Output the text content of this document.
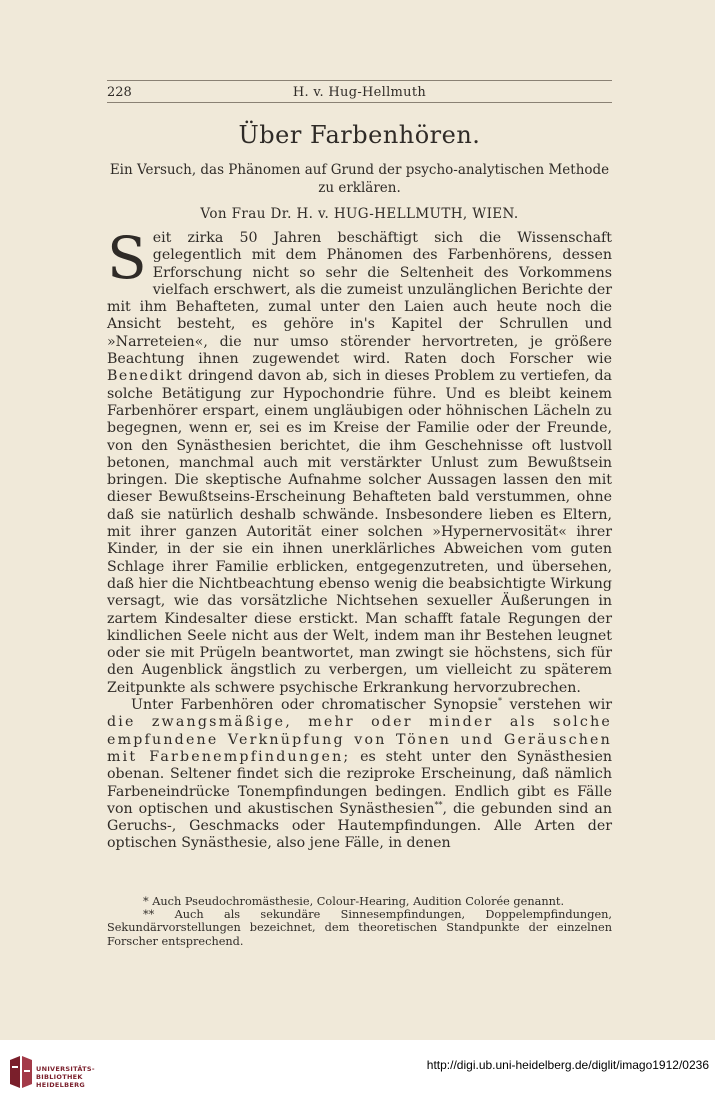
228	H. v. Hug-Hellmuth
Über Farbenhören.
Ein Versuch, das Phänomen auf Grund der psycho-analytischen Methode zu erklären.
Von Frau Dr. H. v. HUG-HELLMUTH, WIEN.

Seit zirka 50 Jahren beschäftigt sich die Wissenschaft gelegentlich mit dem Phänomen des Farbenhörens, dessen Erforschung nicht so sehr die Seltenheit des Vorkommens vielfach erschwert, als die zumeist unzulänglichen Berichte der mit ihm Behafteten, zumal unter den Laien auch heute noch die Ansicht besteht, es gehöre in's Kapitel der Schrullen und »Narreteien«, die nur umso störender hervortreten, je größere Beachtung ihnen zugewendet wird. Raten doch Forscher wie Benedikt dringend davon ab, sich in dieses Problem zu vertiefen, da solche Betätigung zur Hypochondrie führe. Und es bleibt keinem Farbenhörer erspart, einem ungläubigen oder höhnischen Lächeln zu begegnen, wenn er, sei es im Kreise der Familie oder der Freunde, von den Synästhesien berichtet, die ihm Geschehnisse oft lustvoll betonen, manchmal auch mit verstärkter Unlust zum Bewußtsein bringen. Die skeptische Aufnahme solcher Aussagen lassen den mit dieser Bewußtseins-Erscheinung Behafteten bald verstummen, ohne daß sie natürlich deshalb schwände. Insbesondere lieben es Eltern, mit ihrer ganzen Autorität einer solchen »Hypernervosität« ihrer Kinder, in der sie ein ihnen unerklärliches Abweichen vom guten Schlage ihrer Familie erblicken, entgegenzutreten, und übersehen, daß hier die Nichtbeachtung ebenso wenig die beabsichtigte Wirkung versagt, wie das vorsätzliche Nichtsehen sexueller Äußerungen in zartem Kindesalter diese erstickt. Man schafft fatale Regungen der kindlichen Seele nicht aus der Welt, indem man ihr Bestehen leugnet oder sie mit Prügeln beantwortet, man zwingt sie höchstens, sich für den Augenblick ängstlich zu verbergen, um vielleicht zu späterem Zeitpunkte als schwere psychische Erkrankung hervorzubrechen.

Unter Farbenhören oder chromatischer Synopsie* verstehen wir die zwangsmäßige, mehr oder minder als solche empfundene Verknüpfung von Tönen und Geräuschen mit Farbenempfindungen; es steht unter den Synästhesien obenan. Seltener findet sich die reziproke Erscheinung, daß nämlich Farbeneindrücke Tonempfindungen bedingen. Endlich gibt es Fälle von optischen und akustischen Synästhesien**, die gebunden sind an Geruchs-, Geschmacks oder Hautempfindungen. Alle Arten der optischen Synästhesie, also jene Fälle, in denen

* Auch Pseudochromästhesie, Colour-Hearing, Audition Colorée genannt.

** Auch als sekundäre Sinnesempfindungen, Doppelempfindungen, Sekundärvorstellungen bezeichnet, dem theoretischen Standpunkte der einzelnen Forscher entsprechend.

UNIVERSITÄTS-
BIBLIOTHEK
HEIDELBERG
http://digi.ub.uni-heidelberg.de/diglit/imago1912/0236
